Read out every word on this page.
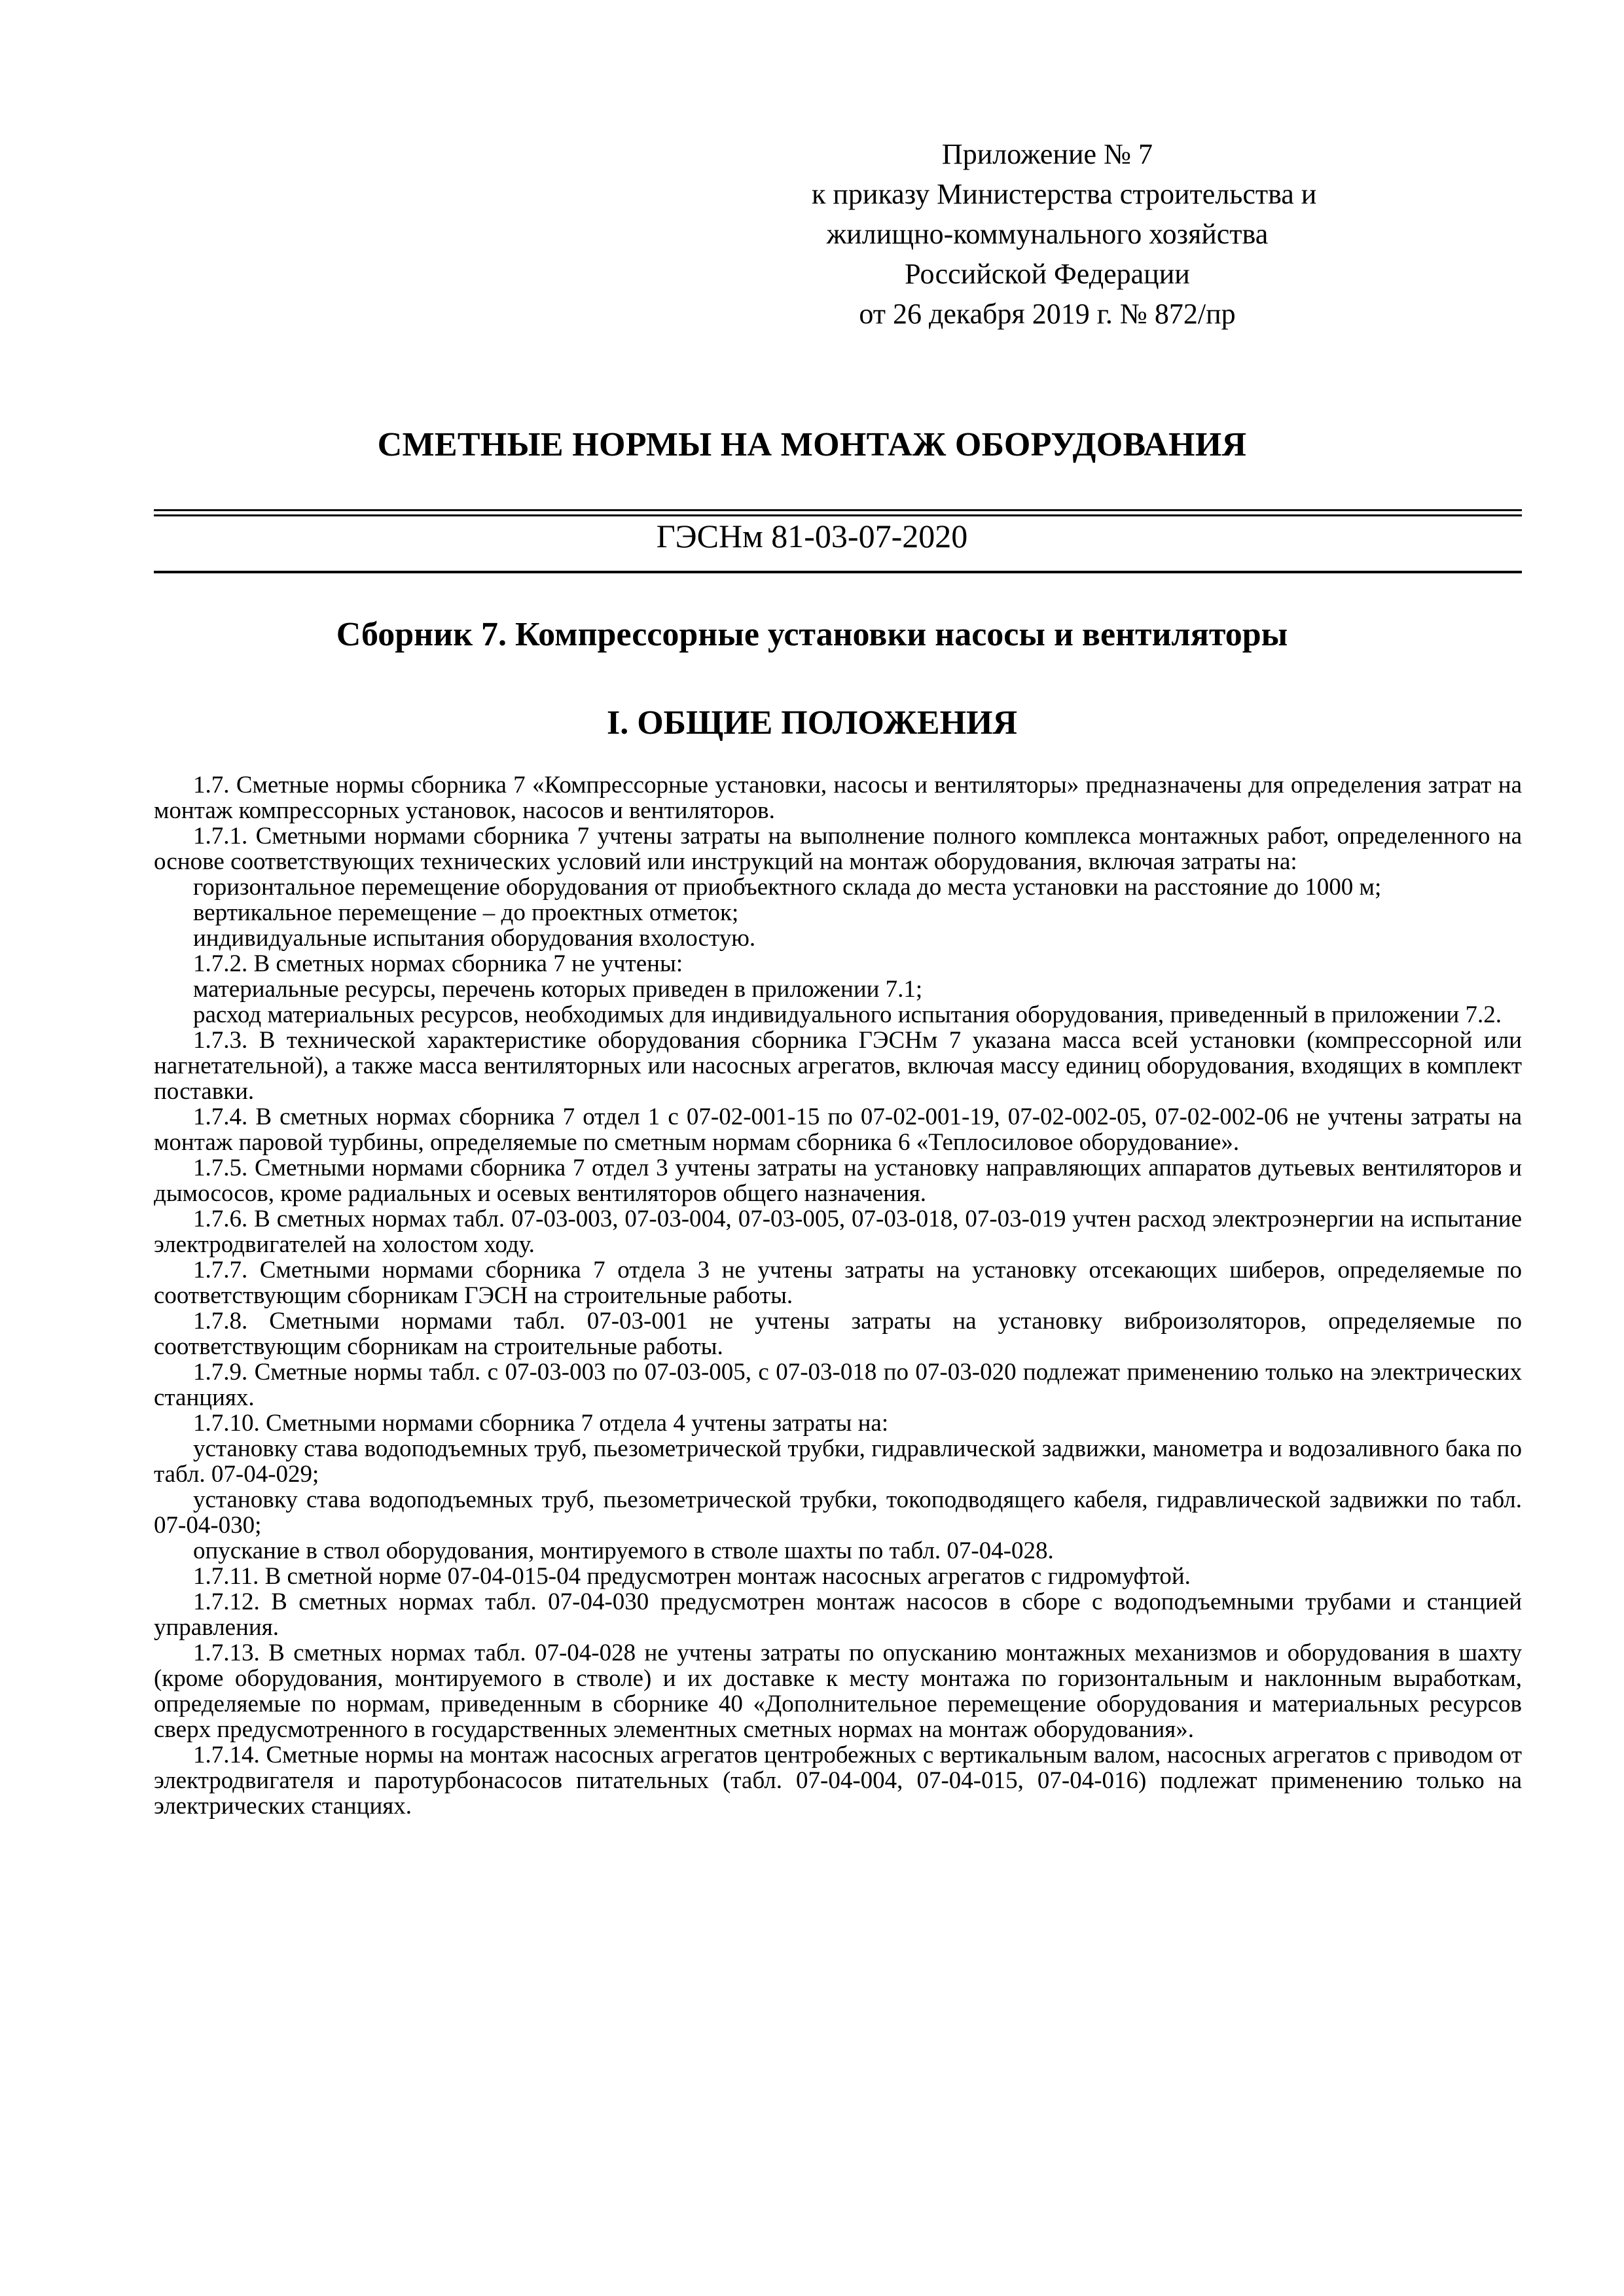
Приложение № 7
к приказу Министерства строительства и
жилищно-коммунального хозяйства
Российской Федерации
от 26 декабря 2019 г. № 872/пр
СМЕТНЫЕ НОРМЫ НА МОНТАЖ ОБОРУДОВАНИЯ
ГЭСНм 81-03-07-2020
Сборник 7. Компрессорные установки насосы и вентиляторы
I. ОБЩИЕ ПОЛОЖЕНИЯ

1.7. Сметные нормы сборника 7 «Компрессорные установки, насосы и вентиляторы» предназначены для определения затрат на монтаж компрессорных установок, насосов и вентиляторов.

1.7.1. Сметными нормами сборника 7 учтены затраты на выполнение полного комплекса монтажных работ, определенного на основе соответствующих технических условий или инструкций на монтаж оборудования, включая затраты на:

горизонтальное перемещение оборудования от приобъектного склада до места установки на расстояние до 1000 м;

вертикальное перемещение – до проектных отметок;

индивидуальные испытания оборудования вхолостую.

1.7.2. В сметных нормах сборника 7 не учтены:

материальные ресурсы, перечень которых приведен в приложении 7.1;

расход материальных ресурсов, необходимых для индивидуального испытания оборудования, приведенный в приложении 7.2.

1.7.3. В технической характеристике оборудования сборника ГЭСНм 7 указана масса всей установки (компрессорной или нагнетательной), а также масса вентиляторных или насосных агрегатов, включая массу единиц оборудования, входящих в комплект поставки.

1.7.4. В сметных нормах сборника 7 отдел 1 с 07-02-001-15 по 07-02-001-19, 07-02-002-05, 07-02-002-06 не учтены затраты на монтаж паровой турбины, определяемые по сметным нормам сборника 6 «Теплосиловое оборудование».

1.7.5. Сметными нормами сборника 7 отдел 3 учтены затраты на установку направляющих аппаратов дутьевых вентиляторов и дымососов, кроме радиальных и осевых вентиляторов общего назначения.

1.7.6. В сметных нормах табл. 07-03-003, 07-03-004, 07-03-005, 07-03-018, 07-03-019 учтен расход электроэнергии на испытание электродвигателей на холостом ходу.

1.7.7. Сметными нормами сборника 7 отдела 3 не учтены затраты на установку отсекающих шиберов, определяемые по соответствующим сборникам ГЭСН на строительные работы.

1.7.8. Сметными нормами табл. 07-03-001 не учтены затраты на установку виброизоляторов, определяемые по соответствующим сборникам на строительные работы.

1.7.9. Сметные нормы табл. с 07-03-003 по 07-03-005, с 07-03-018 по 07-03-020 подлежат применению только на электрических станциях.

1.7.10. Сметными нормами сборника 7 отдела 4 учтены затраты на:

установку става водоподъемных труб, пьезометрической трубки, гидравлической задвижки, манометра и водозаливного бака по табл. 07-04-029;

установку става водоподъемных труб, пьезометрической трубки, токоподводящего кабеля, гидравлической задвижки по табл. 07-04-030;

опускание в ствол оборудования, монтируемого в стволе шахты по табл. 07-04-028.

1.7.11. В сметной норме 07-04-015-04 предусмотрен монтаж насосных агрегатов с гидромуфтой.

1.7.12. В сметных нормах табл. 07-04-030 предусмотрен монтаж насосов в сборе с водоподъемными трубами и станцией управления.

1.7.13. В сметных нормах табл. 07-04-028 не учтены затраты по опусканию монтажных механизмов и оборудования в шахту (кроме оборудования, монтируемого в стволе) и их доставке к месту монтажа по горизонтальным и наклонным выработкам, определяемые по нормам, приведенным в сборнике 40 «Дополнительное перемещение оборудования и материальных ресурсов сверх предусмотренного в государственных элементных сметных нормах на монтаж оборудования».

1.7.14. Сметные нормы на монтаж насосных агрегатов центробежных с вертикальным валом, насосных агрегатов с приводом от электродвигателя и паротурбонасосов питательных (табл. 07-04-004, 07-04-015, 07-04-016) подлежат применению только на электрических станциях.
